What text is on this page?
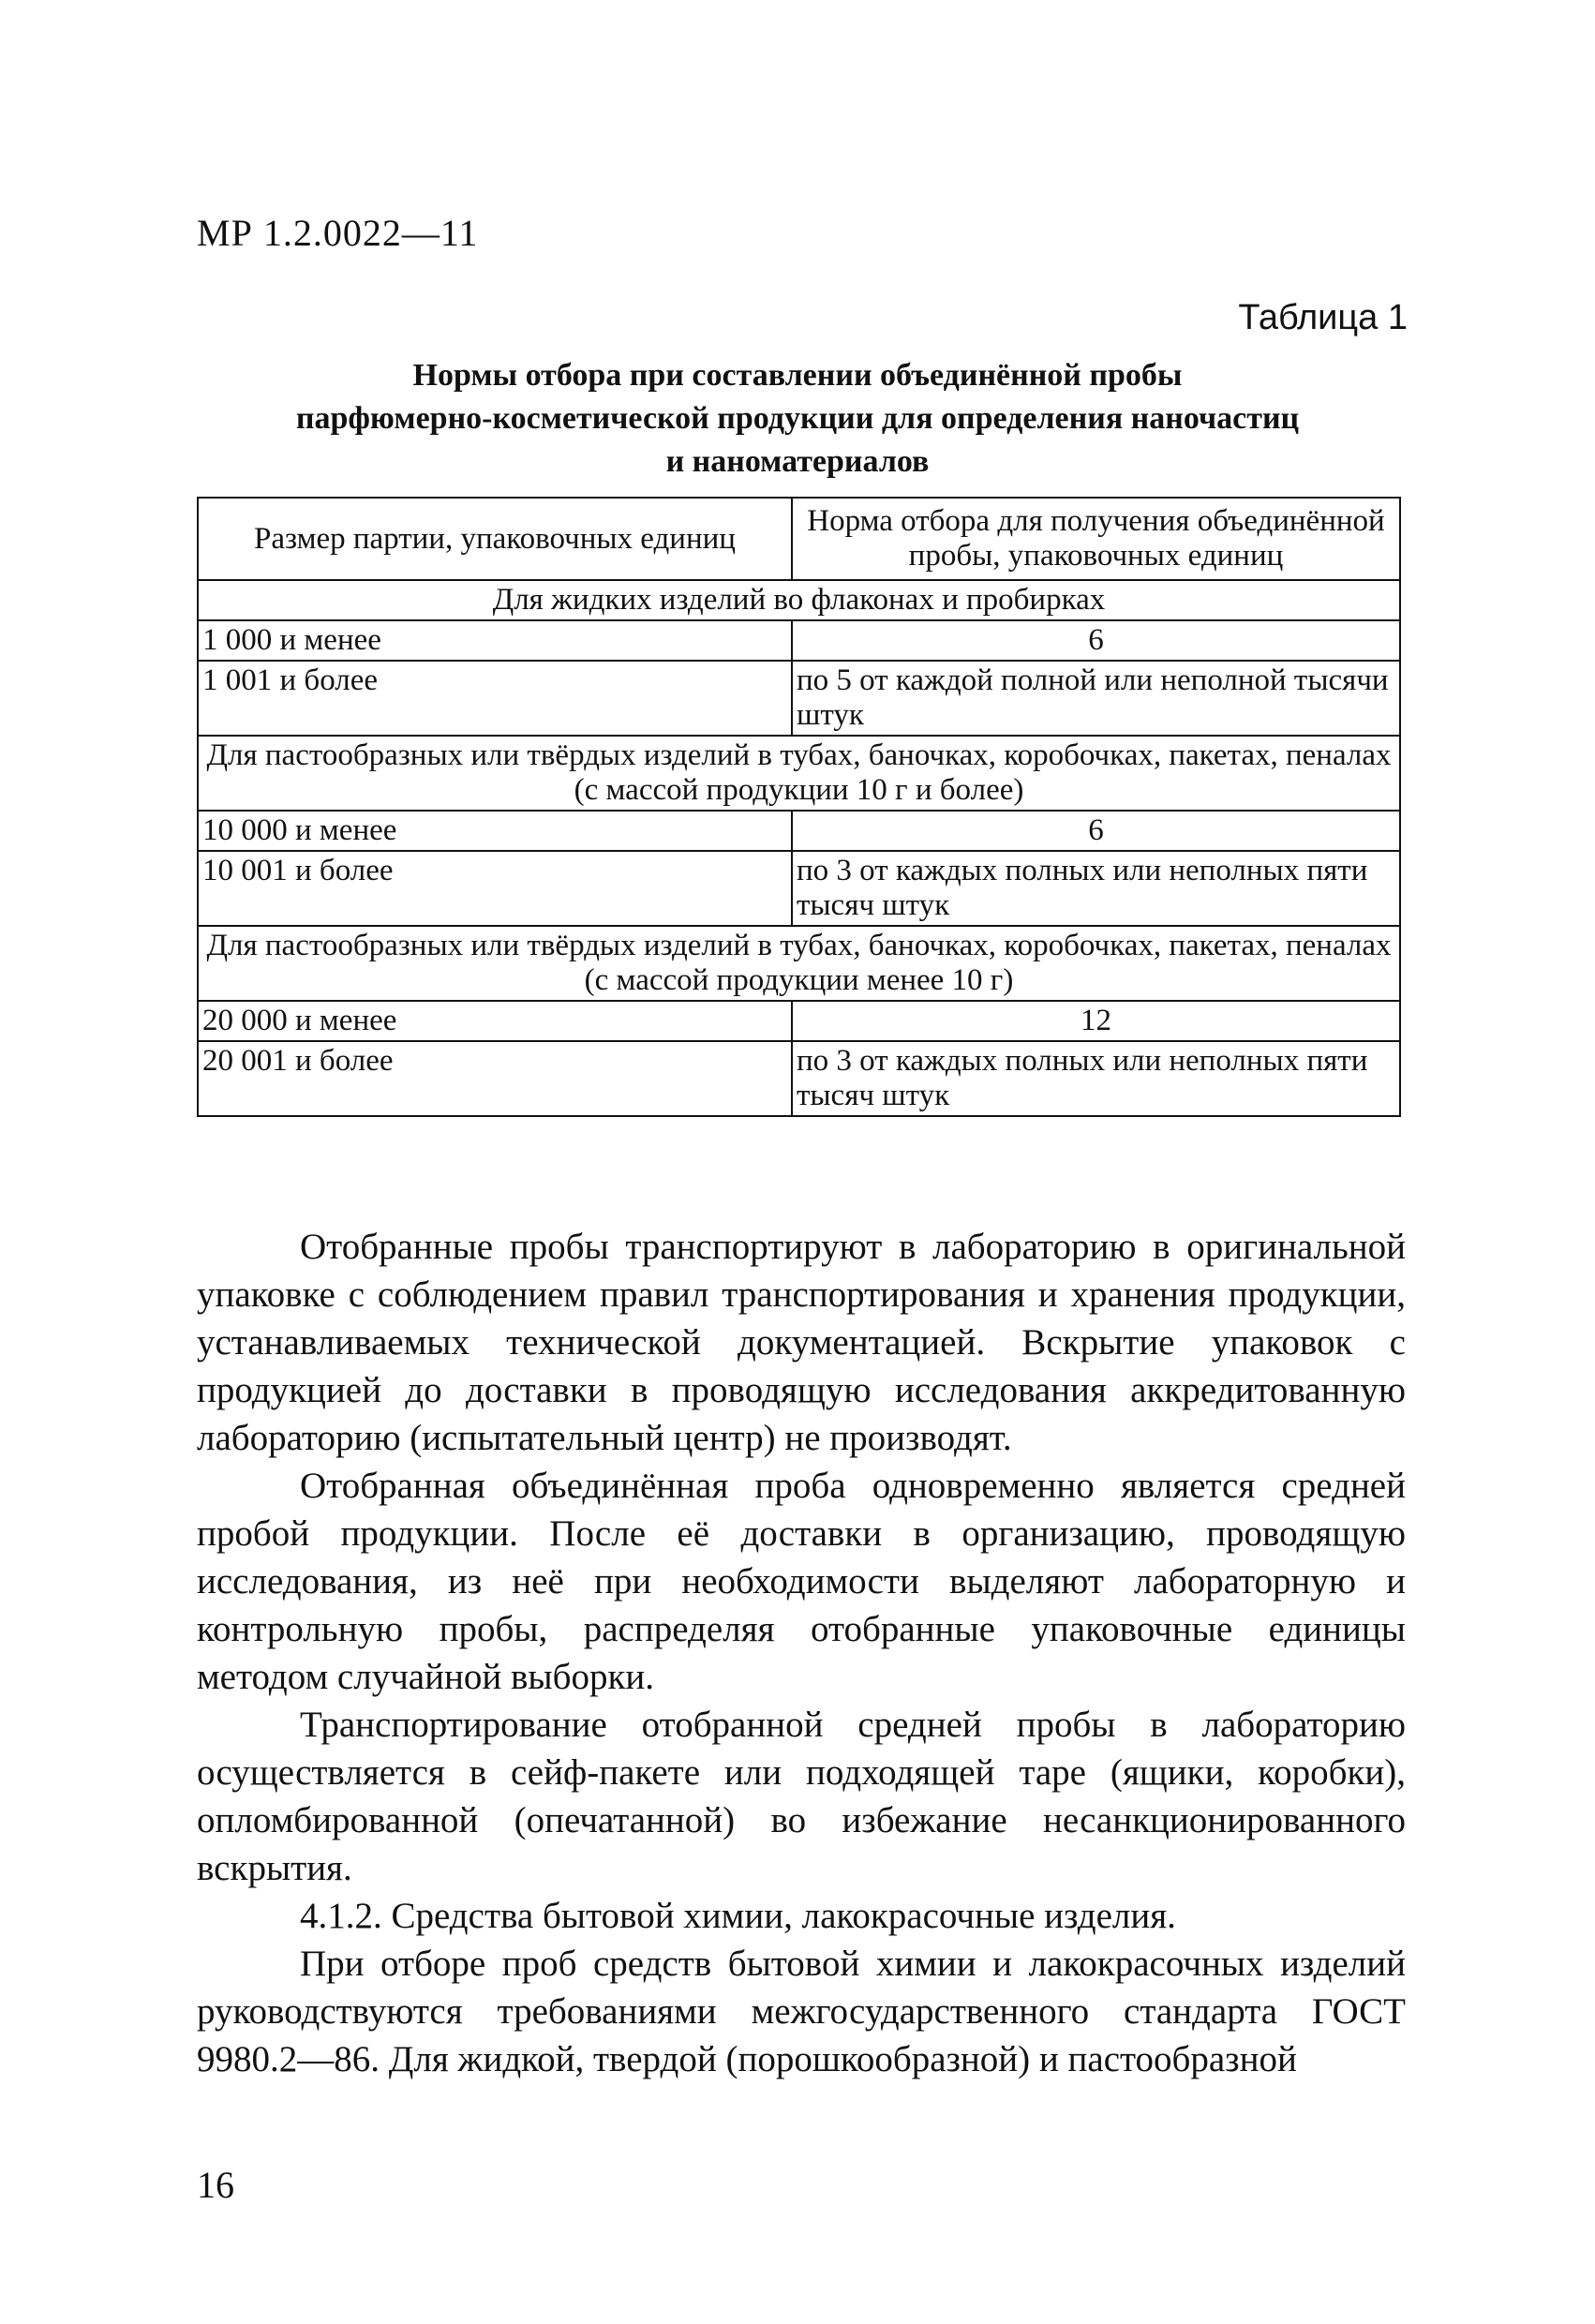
МР 1.2.0022—11
Таблица 1
Нормы отбора при составлении объединённой пробы
парфюмерно-косметической продукции для определения наночастиц
и наноматериалов
Размер партии, упаковочных единиц	Норма отбора для получения объединённой пробы, упаковочных единиц
Для жидких изделий во флаконах и пробирках	
1 000 и менее	6
1 001 и более	по 5 от каждой полной или неполной тысячи штук
Для пастообразных или твёрдых изделий в тубах, баночках, коробочках, пакетах, пеналах (с массой продукции 10 г и более)	
10 000 и менее	6
10 001 и более	по 3 от каждых полных или неполных пяти тысяч штук
Для пастообразных или твёрдых изделий в тубах, баночках, коробочках, пакетах, пеналах (с массой продукции менее 10 г)	
20 000 и менее	12
20 001 и более	по 3 от каждых полных или неполных пяти тысяч штук

Отобранные пробы транспортируют в лабораторию в оригинальной упаковке с соблюдением правил транспортирования и хранения продукции, устанавливаемых технической документацией. Вскрытие упаковок с продукцией до доставки в проводящую исследования аккредитованную лабораторию (испытательный центр) не производят.

Отобранная объединённая проба одновременно является средней пробой продукции. После её доставки в организацию, проводящую исследования, из неё при необходимости выделяют лабораторную и контрольную пробы, распределяя отобранные упаковочные единицы методом случайной выборки.

Транспортирование отобранной средней пробы в лабораторию осуществляется в сейф-пакете или подходящей таре (ящики, коробки), опломбированной (опечатанной) во избежание несанкционированного вскрытия.

4.1.2. Средства бытовой химии, лакокрасочные изделия.

При отборе проб средств бытовой химии и лакокрасочных изделий руководствуются требованиями межгосударственного стандарта ГОСТ 9980.2—86. Для жидкой, твердой (порошкообразной) и пастообразной

16
